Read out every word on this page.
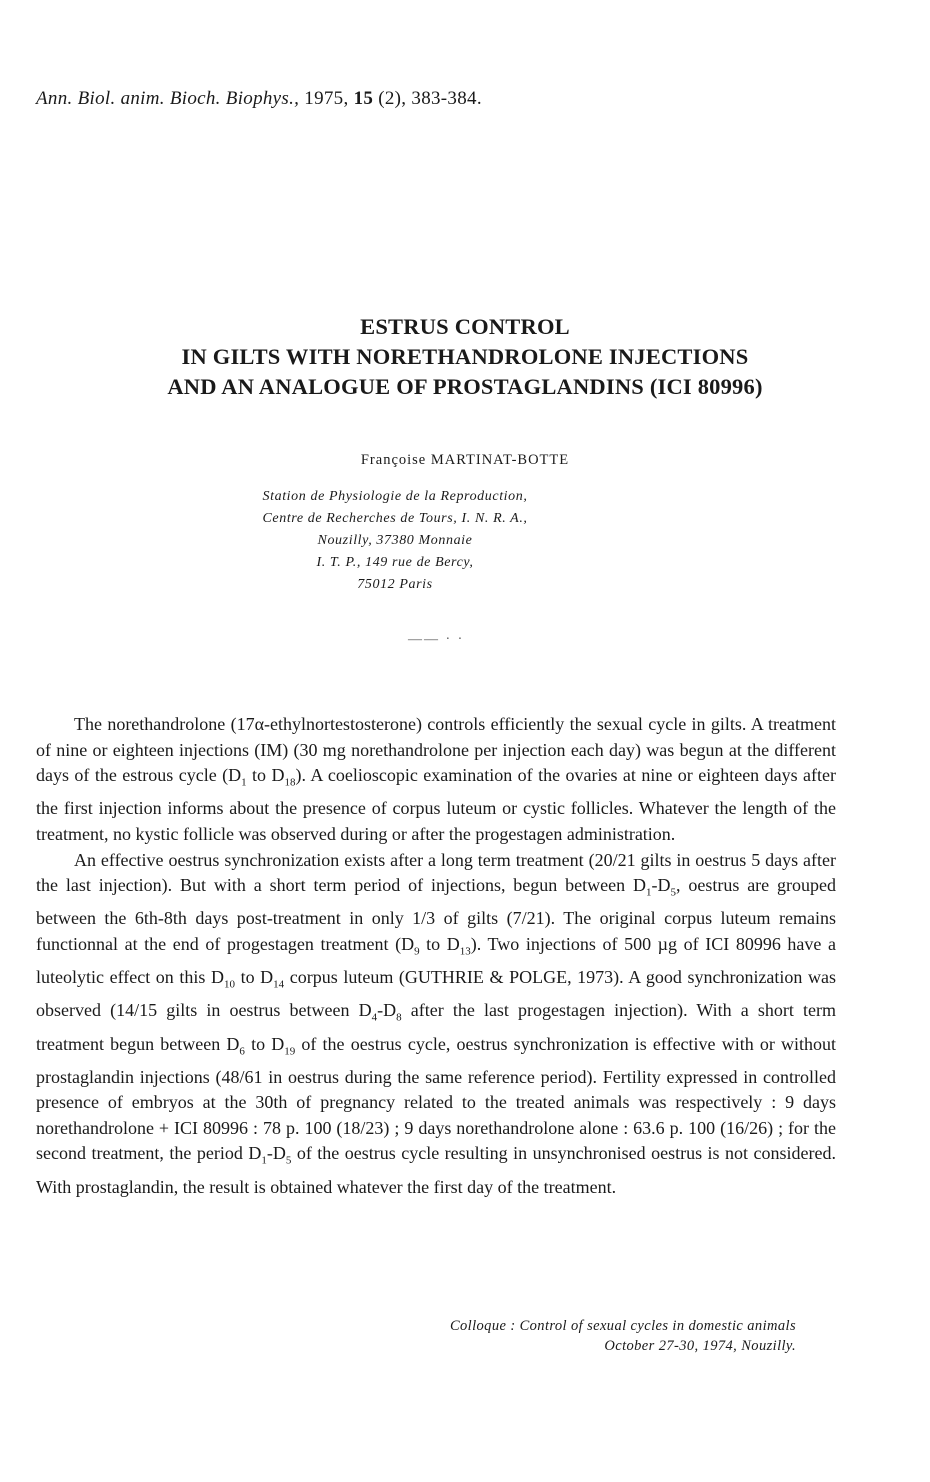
Ann. Biol. anim. Bioch. Biophys., 1975, 15 (2), 383-384.
ESTRUS CONTROL
IN GILTS WITH NORETHANDROLONE INJECTIONS
AND AN ANALOGUE OF PROSTAGLANDINS (ICI 80996)
Françoise MARTINAT-BOTTE
Station de Physiologie de la Reproduction,
Centre de Recherches de Tours, I. N. R. A.,
Nouzilly, 37380 Monnaie
I. T. P., 149 rue de Bercy,
75012 Paris
—— · ·

The norethandrolone (17α-ethylnortestosterone) controls efficiently the sexual cycle in gilts. A treatment of nine or eighteen injections (IM) (30 mg norethandrolone per injection each day) was begun at the different days of the estrous cycle ($D_1$ to $D_{18}$). A coelioscopic examination of the ovaries at nine or eighteen days after the first injection informs about the presence of corpus luteum or cystic follicles. Whatever the length of the treatment, no kystic follicle was observed during or after the progestagen administration.

An effective oestrus synchronization exists after a long term treatment (20/21 gilts in oestrus 5 days after the last injection). But with a short term period of injections, begun between $D_1-D_5$, oestrus are grouped between the 6th-8th days post-treatment in only 1/3 of gilts (7/21). The original corpus luteum remains functionnal at the end of progestagen treatment ($D_9$ to $D_{13}$). Two injections of 500 µg of ICI 80996 have a luteolytic effect on this $D_{10}$ to $D_{14}$ corpus luteum (GUTHRIE & POLGE, 1973). A good synchronization was observed (14/15 gilts in oestrus between $D_4-D_8$ after the last progestagen injection). With a short term treatment begun between $D_6$ to $D_{19}$ of the oestrus cycle, oestrus synchronization is effective with or without prostaglandin injections (48/61 in oestrus during the same reference period). Fertility expressed in controlled presence of embryos at the 30th of pregnancy related to the treated animals was respectively : 9 days norethandrolone + ICI 80996 : 78 p. 100 (18/23) ; 9 days norethandrolone alone : 63.6 p. 100 (16/26) ; for the second treatment, the period $D_1-D_5$ of the oestrus cycle resulting in unsynchronised oestrus is not considered. With prostaglandin, the result is obtained whatever the first day of the treatment.

Colloque : Control of sexual cycles in domestic animals
October 27-30, 1974, Nouzilly.
